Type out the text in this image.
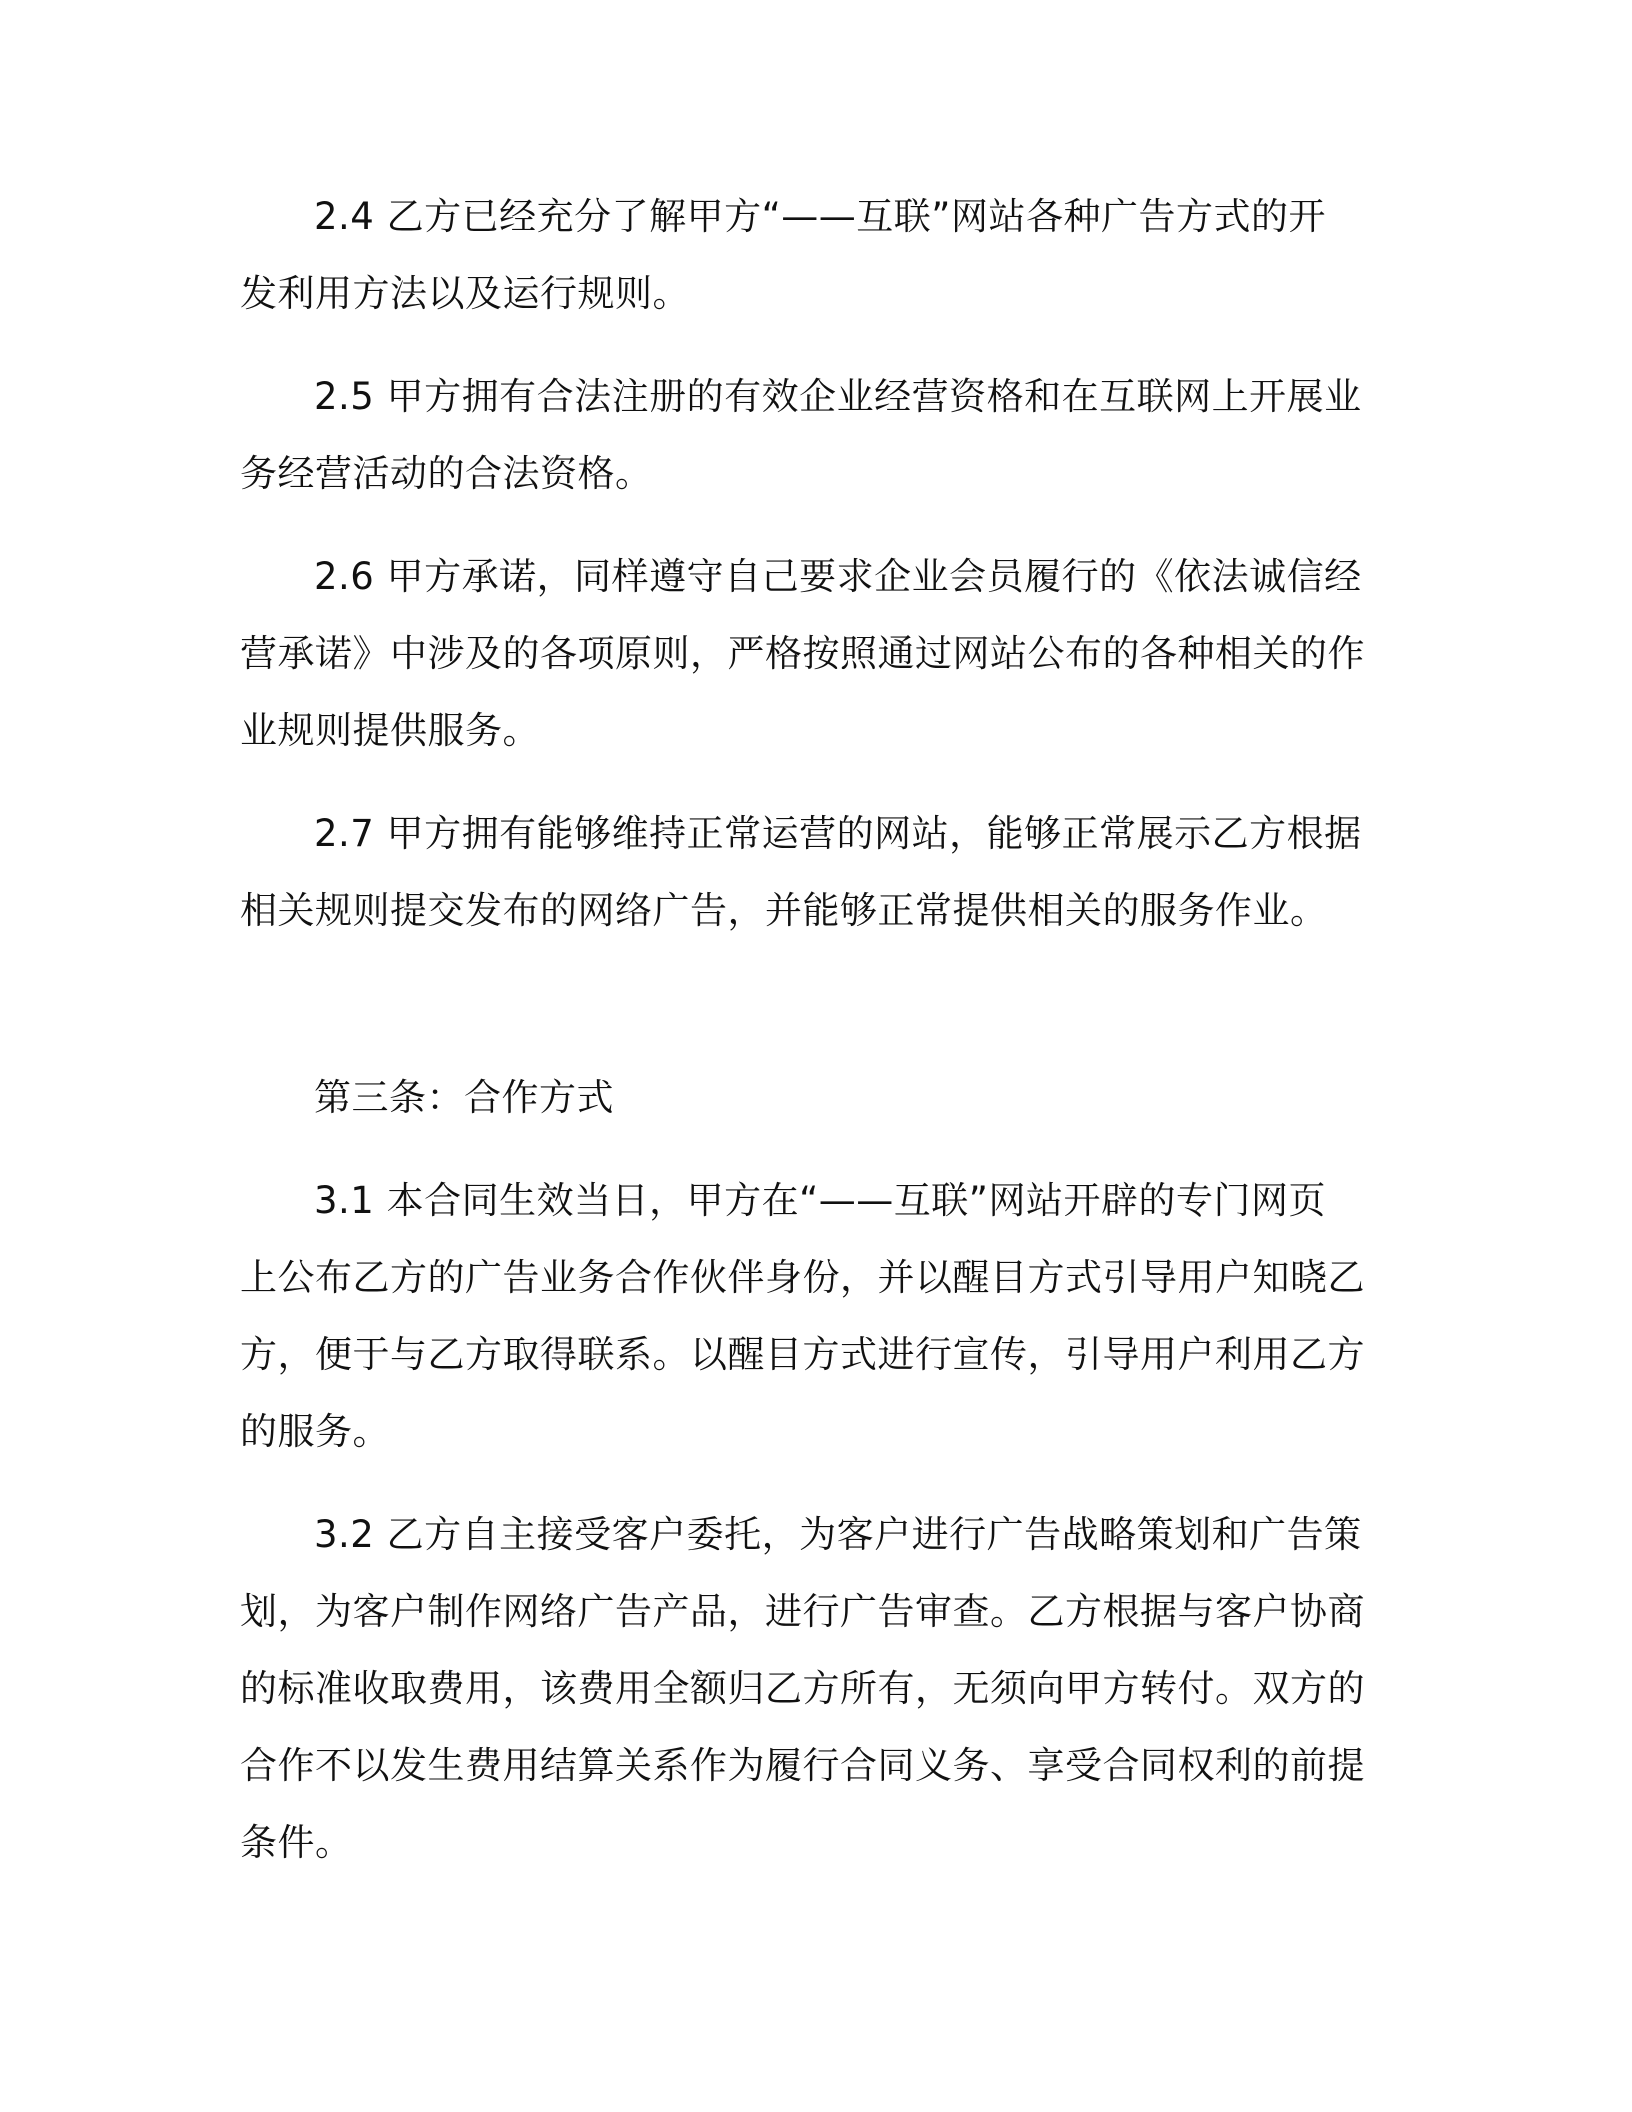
2.4 乙方已经充分了解甲方“——互联”网站各种广告方式的开
发利用方法以及运行规则。
2.5 甲方拥有合法注册的有效企业经营资格和在互联网上开展业
务经营活动的合法资格。
2.6 甲方承诺，同样遵守自己要求企业会员履行的《依法诚信经
营承诺》中涉及的各项原则，严格按照通过网站公布的各种相关的作
业规则提供服务。
2.7 甲方拥有能够维持正常运营的网站，能够正常展示乙方根据
相关规则提交发布的网络广告，并能够正常提供相关的服务作业。
第三条：合作方式
3.1 本合同生效当日，甲方在“——互联”网站开辟的专门网页
上公布乙方的广告业务合作伙伴身份，并以醒目方式引导用户知晓乙
方，便于与乙方取得联系。以醒目方式进行宣传，引导用户利用乙方
的服务。
3.2 乙方自主接受客户委托，为客户进行广告战略策划和广告策
划，为客户制作网络广告产品，进行广告审查。乙方根据与客户协商
的标准收取费用，该费用全额归乙方所有，无须向甲方转付。双方的
合作不以发生费用结算关系作为履行合同义务、享受合同权利的前提
条件。
